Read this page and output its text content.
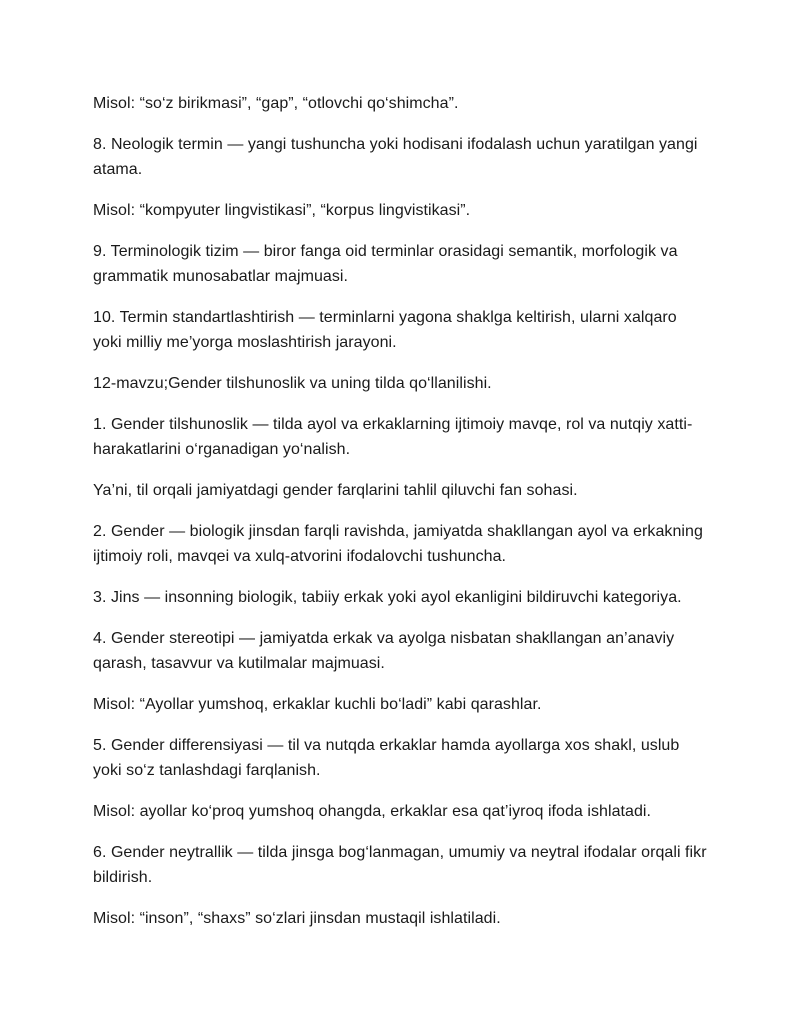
Misol: “so‘z birikmasi”, “gap”, “otlovchi qo‘shimcha”.

8. Neologik termin — yangi tushuncha yoki hodisani ifodalash uchun yaratilgan yangi atama.

Misol: “kompyuter lingvistikasi”, “korpus lingvistikasi”.

9. Terminologik tizim — biror fanga oid terminlar orasidagi semantik, morfologik va grammatik munosabatlar majmuasi.

10. Termin standartlashtirish — terminlarni yagona shaklga keltirish, ularni xalqaro yoki milliy me’yorga moslashtirish jarayoni.

12-mavzu;Gender tilshunoslik va uning tilda qo‘llanilishi.

1. Gender tilshunoslik — tilda ayol va erkaklarning ijtimoiy mavqe, rol va nutqiy xatti-harakatlarini o‘rganadigan yo‘nalish.

Ya’ni, til orqali jamiyatdagi gender farqlarini tahlil qiluvchi fan sohasi.

2. Gender — biologik jinsdan farqli ravishda, jamiyatda shakllangan ayol va erkakning ijtimoiy roli, mavqei va xulq-atvorini ifodalovchi tushuncha.

3. Jins — insonning biologik, tabiiy erkak yoki ayol ekanligini bildiruvchi kategoriya.

4. Gender stereotipi — jamiyatda erkak va ayolga nisbatan shakllangan an’anaviy qarash, tasavvur va kutilmalar majmuasi.

Misol: “Ayollar yumshoq, erkaklar kuchli bo‘ladi” kabi qarashlar.

5. Gender differensiyasi — til va nutqda erkaklar hamda ayollarga xos shakl, uslub yoki so‘z tanlashdagi farqlanish.

Misol: ayollar ko‘proq yumshoq ohangda, erkaklar esa qat’iyroq ifoda ishlatadi.

6. Gender neytrallik — tilda jinsga bog‘lanmagan, umumiy va neytral ifodalar orqali fikr bildirish.

Misol: “inson”, “shaxs” so‘zlari jinsdan mustaqil ishlatiladi.
